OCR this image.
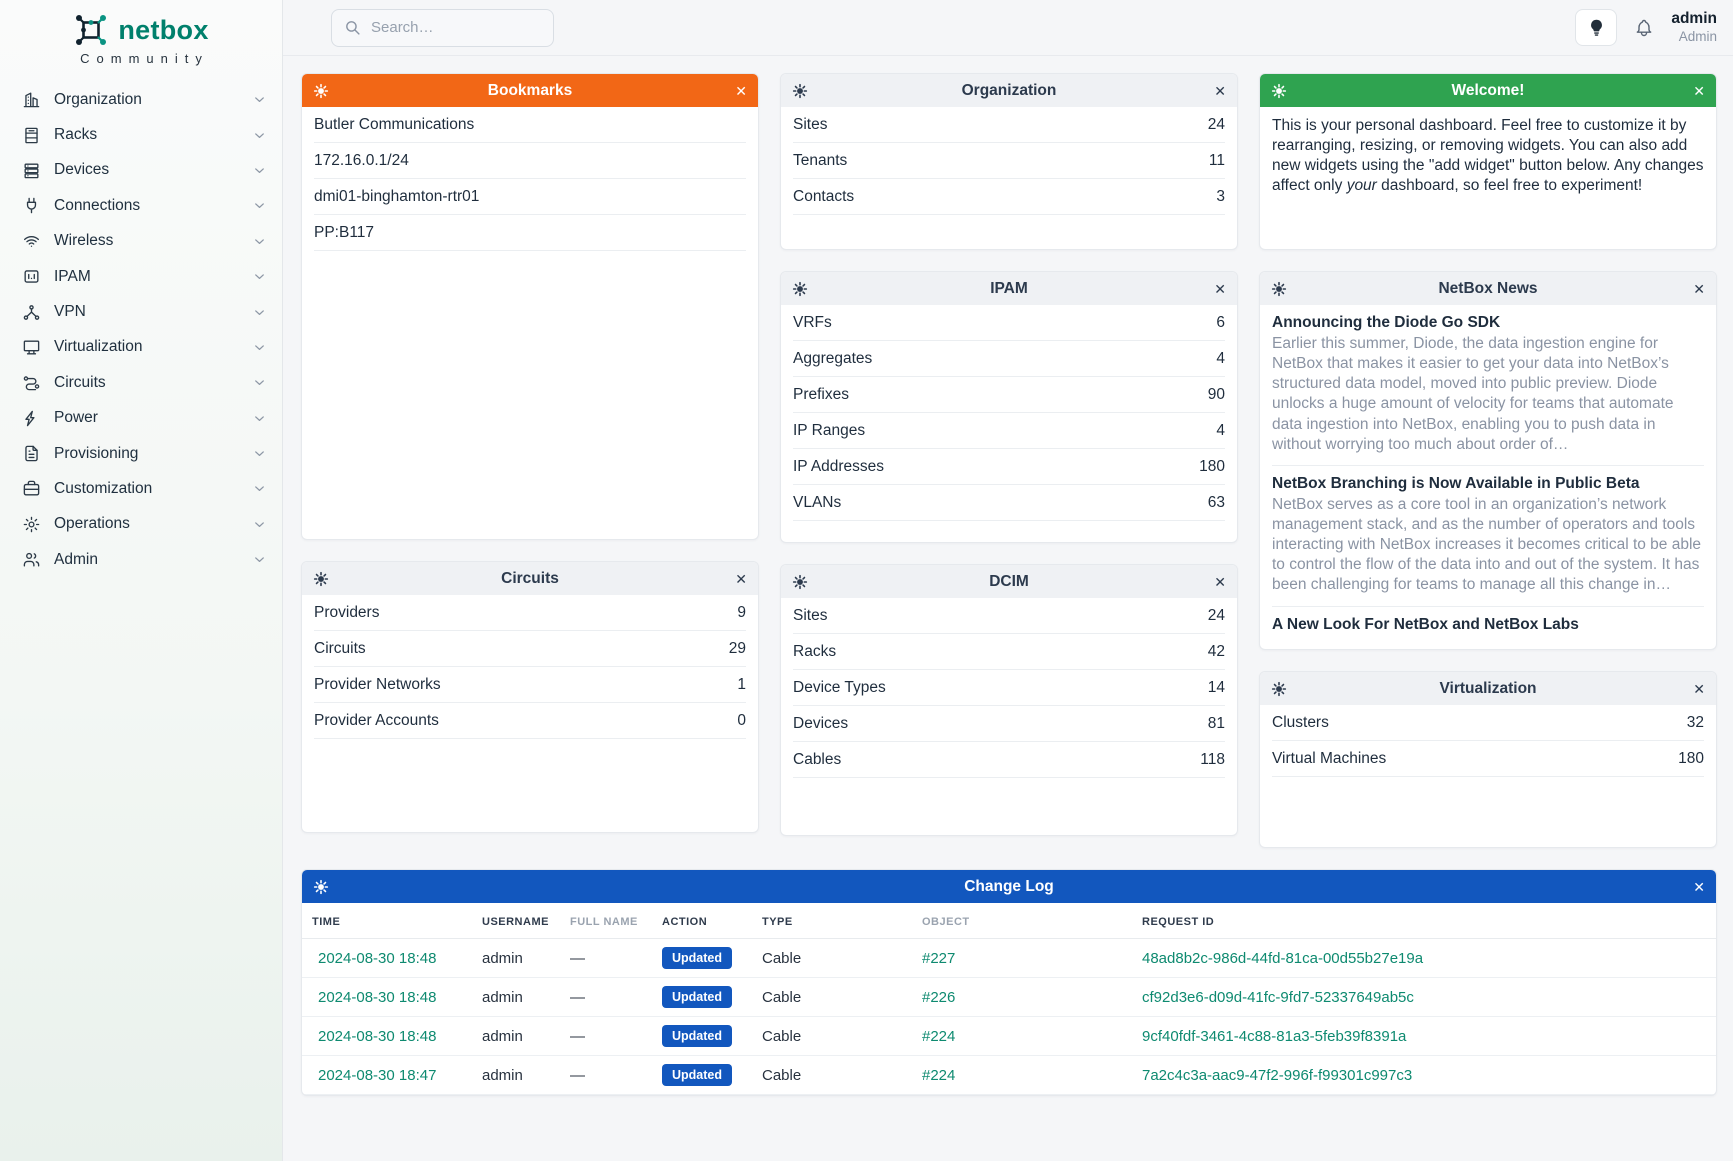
netbox
Community
Organization
Racks
Devices
Connections
Wireless
IPAM
VPN
Virtualization
Circuits
Power
Provisioning
Customization
Operations
Admin
Search…
admin
Admin
Bookmarks	✕
Butler Communications
172.16.0.1/24
dmi01-binghamton-rtr01
PP:B117
Circuits	✕
Providers	9
Circuits	29
Provider Networks	1
Provider Accounts	0
Organization	✕
Sites	24
Tenants	11
Contacts	3
IPAM	✕
VRFs	6
Aggregates	4
Prefixes	90
IP Ranges	4
IP Addresses	180
VLANs	63
DCIM	✕
Sites	24
Racks	42
Device Types	14
Devices	81
Cables	118
Welcome!	✕
This is your personal dashboard. Feel free to customize it by rearranging, resizing, or removing widgets. You can also add new widgets using the "add widget" button below. Any changes affect only your dashboard, so feel free to experiment!
NetBox News	✕
Announcing the Diode Go SDK
Earlier this summer, Diode, the data ingestion engine for NetBox that makes it easier to get your data into NetBox’s structured data model, moved into public preview. Diode unlocks a huge amount of velocity for teams that automate data ingestion into NetBox, enabling you to push data in without worrying too much about order of…
NetBox Branching is Now Available in Public Beta
NetBox serves as a core tool in an organization’s network management stack, and as the number of operators and tools interacting with NetBox increases it becomes critical to be able to control the flow of the data into and out of the system. It has been challenging for teams to manage all this change in…
A New Look For NetBox and NetBox Labs
Virtualization	✕
Clusters	32
Virtual Machines	180
Change Log	✕
TIME	USERNAME	FULL NAME	ACTION	TYPE	OBJECT	REQUEST ID
2024-08-30 18:48	admin	—	Updated	Cable	#227	48ad8b2c-986d-44fd-81ca-00d55b27e19a
2024-08-30 18:48	admin	—	Updated	Cable	#226	cf92d3e6-d09d-41fc-9fd7-52337649ab5c
2024-08-30 18:48	admin	—	Updated	Cable	#224	9cf40fdf-3461-4c88-81a3-5feb39f8391a
2024-08-30 18:47	admin	—	Updated	Cable	#224	7a2c4c3a-aac9-47f2-996f-f99301c997c3
